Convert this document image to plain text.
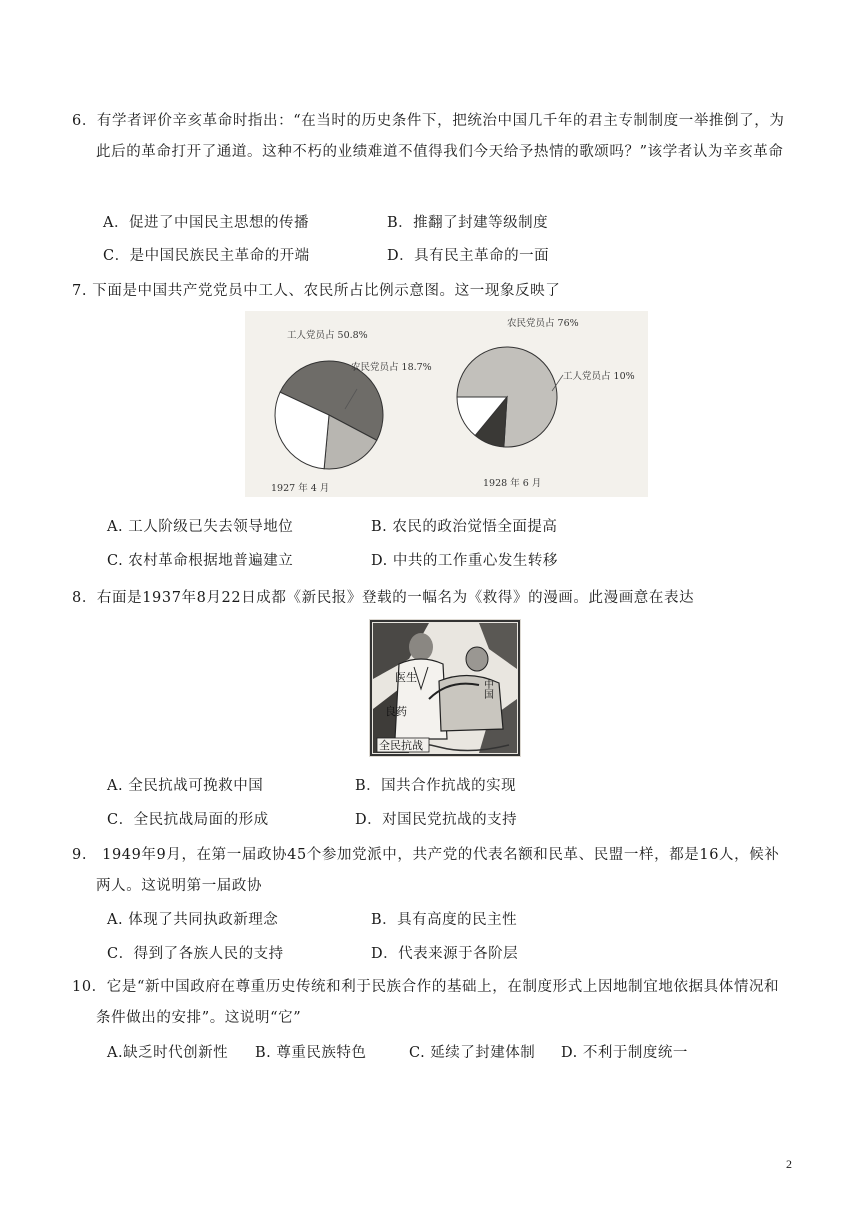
6．有学者评价辛亥革命时指出：“在当时的历史条件下，把统治中国几千年的君主专制制度一举推倒了，为此后的革命打开了通道。这种不朽的业绩难道不值得我们今天给予热情的歌颂吗？”该学者认为辛亥革命

A．促进了中国民主思想的传播	B．推翻了封建等级制度
C．是中国民族民主革命的开端	D．具有民主革命的一面

7. 下面是中国共产党党员中工人、农民所占比例示意图。这一现象反映了

工人党员占 50.8%
农民党员占 18.7%
1927 年 4 月
农民党员占 76%
工人党员占 10%
1928 年 6 月
A. 工人阶级已失去领导地位	B. 农民的政治觉悟全面提高
C. 农村革命根据地普遍建立	D. 中共的工作重心发生转移

8．右面是1937年8月22日成都《新民报》登载的一幅名为《救得》的漫画。此漫画意在表达

医生
良药
中国
全民抗战
A. 全民抗战可挽救中国	B．国共合作抗战的实现
C．全民抗战局面的形成	D．对国民党抗战的支持

9.　1949年9月，在第一届政协45个参加党派中，共产党的代表名额和民革、民盟一样，都是16人，候补两人。这说明第一届政协

A. 体现了共同执政新理念	B．具有高度的民主性
C．得到了各族人民的支持	D．代表来源于各阶层

10．它是“新中国政府在尊重历史传统和利于民族合作的基础上，在制度形式上因地制宜地依据具体情况和条件做出的安排”。这说明“它”

A.缺乏时代创新性 B. 尊重民族特色	C. 延续了封建体制 D. 不利于制度统一
2
